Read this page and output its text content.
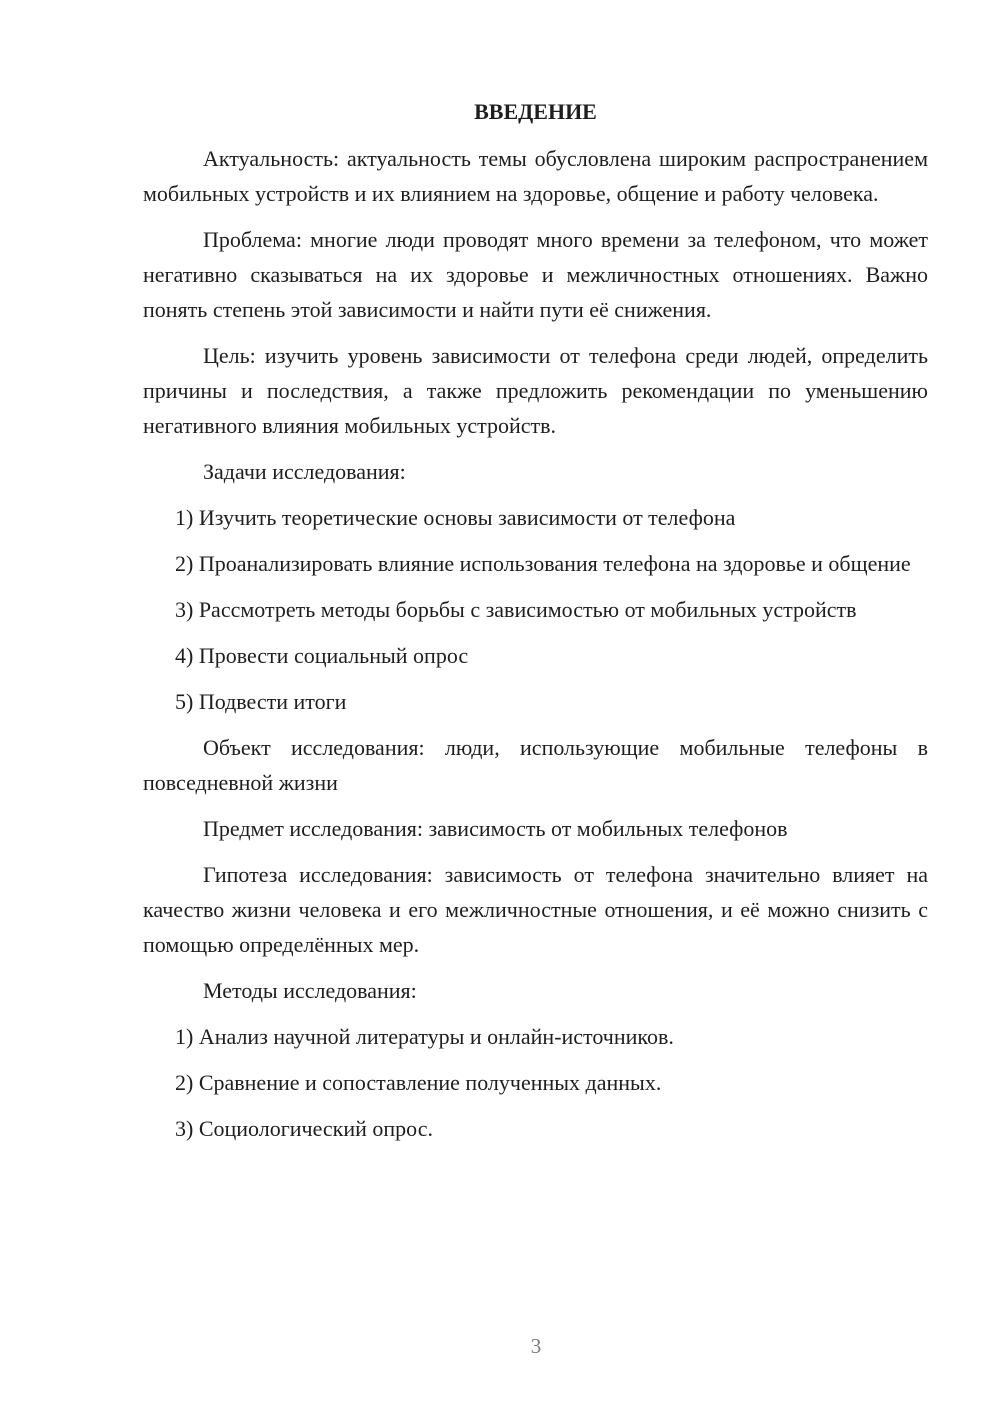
ВВЕДЕНИЕ

Актуальность: актуальность темы обусловлена широким распространением мобильных устройств и их влиянием на здоровье, общение и работу человека.

Проблема: многие люди проводят много времени за телефоном, что может негативно сказываться на их здоровье и межличностных отношениях. Важно понять степень этой зависимости и найти пути её снижения.

Цель: изучить уровень зависимости от телефона среди людей, определить причины и последствия, а также предложить рекомендации по уменьшению негативного влияния мобильных устройств.

Задачи исследования:

1) Изучить теоретические основы зависимости от телефона

2) Проанализировать влияние использования телефона на здоровье и общение

3) Рассмотреть методы борьбы с зависимостью от мобильных устройств

4) Провести социальный опрос

5) Подвести итоги

Объект исследования: люди, использующие мобильные телефоны в повседневной жизни

Предмет исследования: зависимость от мобильных телефонов

Гипотеза исследования: зависимость от телефона значительно влияет на качество жизни человека и его межличностные отношения, и её можно снизить с помощью определённых мер.

Методы исследования:

1) Анализ научной литературы и онлайн-источников.

2) Сравнение и сопоставление полученных данных.

3) Социологический опрос.

3
